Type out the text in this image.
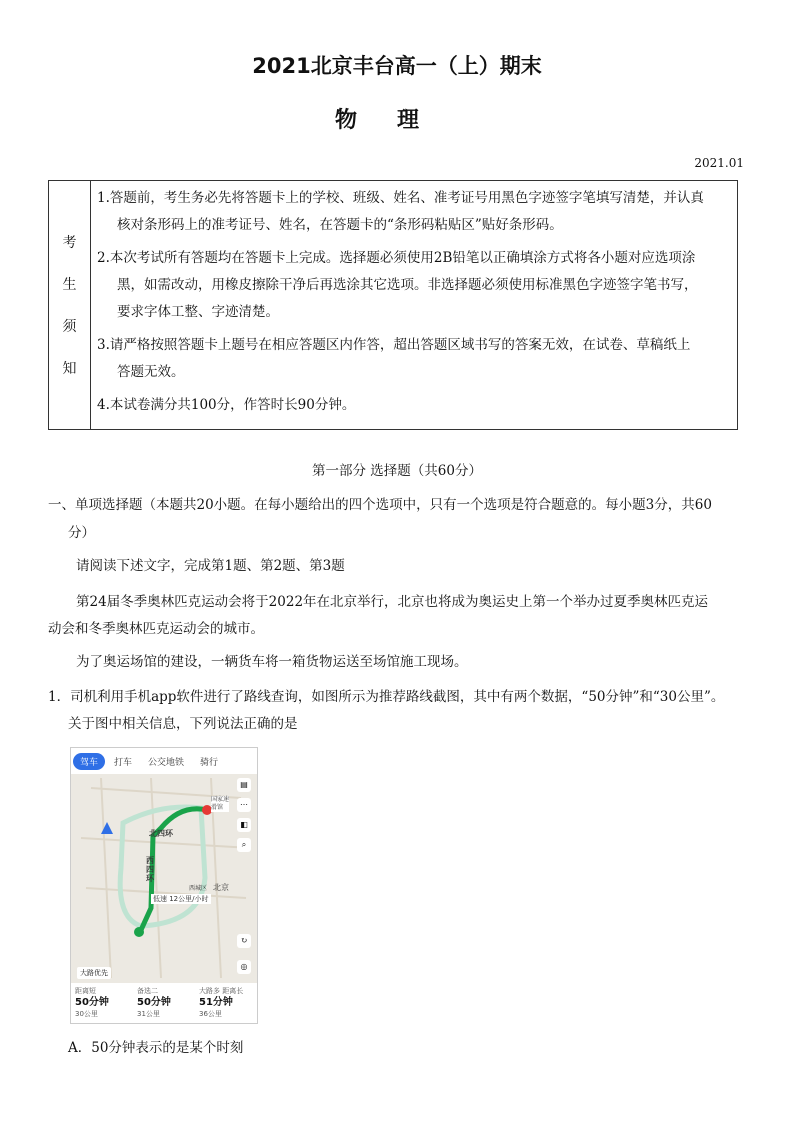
2021北京丰台高一（上）期末
物理
2021.01
考
生
须
知
1.答题前，考生务必先将答题卡上的学校、班级、姓名、准考证号用黑色字迹签字笔填写清楚，并认真
核对条形码上的准考证号、姓名，在答题卡的“条形码粘贴区”贴好条形码。
2.本次考试所有答题均在答题卡上完成。选择题必须使用2B铅笔以正确填涂方式将各小题对应选项涂
黑，如需改动，用橡皮擦除干净后再选涂其它选项。非选择题必须使用标准黑色字迹签字笔书写，
要求字体工整、字迹清楚。
3.请严格按照答题卡上题号在相应答题区内作答，超出答题区域书写的答案无效，在试卷、草稿纸上
答题无效。
4.本试卷满分共100分，作答时长90分钟。
第一部分 选择题（共60分）
一、单项选择题（本题共20小题。在每小题给出的四个选项中，只有一个选项是符合题意的。每小题3分，共60
分）
请阅读下述文字，完成第1题、第2题、第3题
第24届冬季奥林匹克运动会将于2022年在北京举行，北京也将成为奥运史上第一个举办过夏季奥林匹克运
动会和冬季奥林匹克运动会的城市。
为了奥运场馆的建设，一辆货车将一箱货物运送至场馆施工现场。
1．司机利用手机app软件进行了路线查询，如图所示为推荐路线截图，其中有两个数据，“50分钟”和“30公里”。
关于图中相关信息，下列说法正确的是
驾车	打车	公交地铁	骑行
北四环
西四环
北京
低速 12公里/小时
西城区
国家速滑馆
▤
⋯
◧
⌕
↻
◎
大路优先
距离短
50分钟
30公里
备选二
50分钟
31公里
大路多 距离长
51分钟
36公里
A．50分钟表示的是某个时刻
